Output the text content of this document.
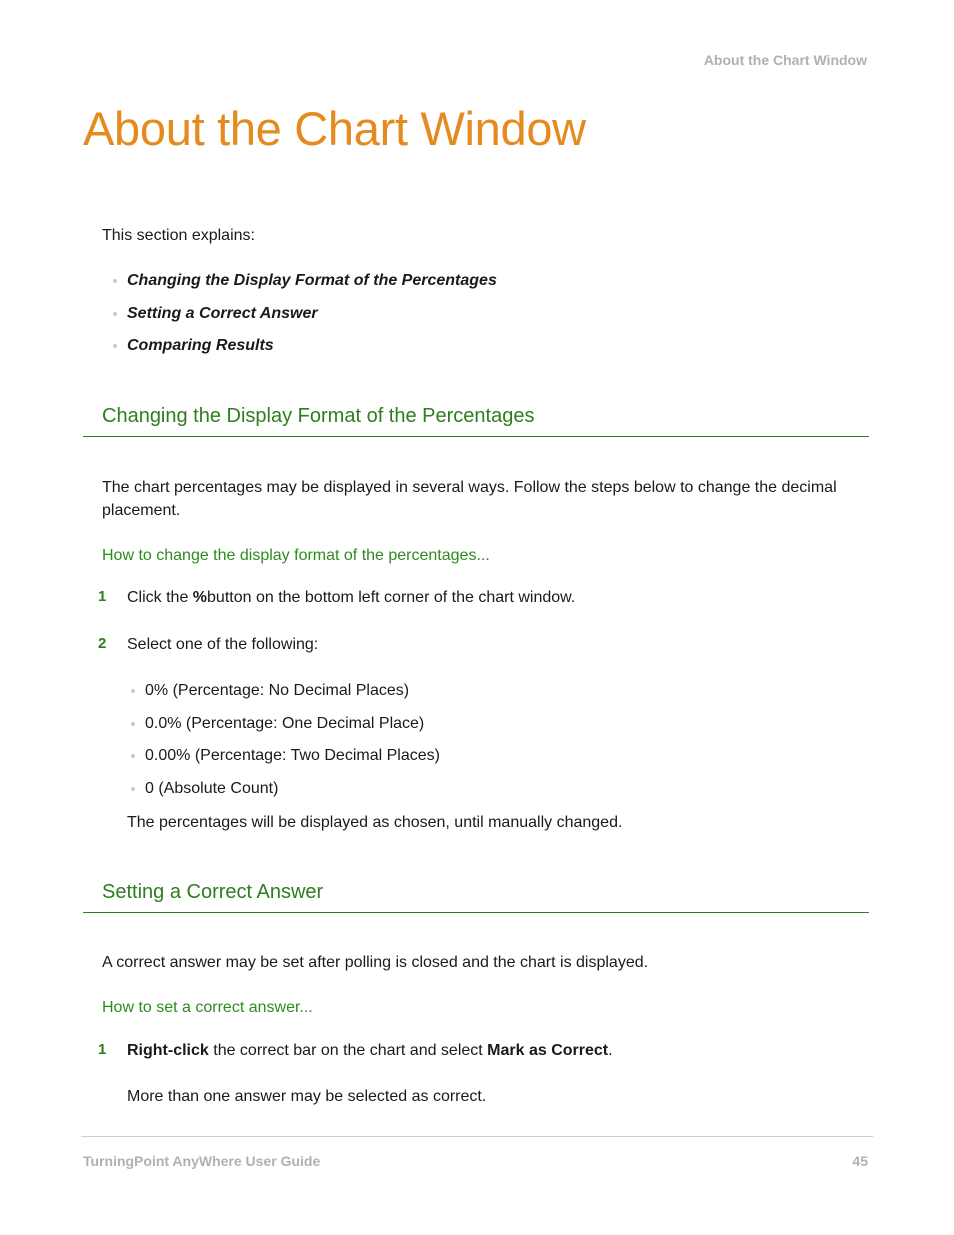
About the Chart Window
About the Chart Window
This section explains:
Changing the Display Format of the Percentages
Setting a Correct Answer
Comparing Results
Changing the Display Format of the Percentages
The chart percentages may be displayed in several ways. Follow the steps below to change the decimal
placement.
How to change the display format of the percentages...
1 Click the %button on the bottom left corner of the chart window.
2 Select one of the following:
0% (Percentage: No Decimal Places)
0.0% (Percentage: One Decimal Place)
0.00% (Percentage: Two Decimal Places)
0 (Absolute Count)
The percentages will be displayed as chosen, until manually changed.
Setting a Correct Answer
A correct answer may be set after polling is closed and the chart is displayed.
How to set a correct answer...
1 Right-click the correct bar on the chart and select Mark as Correct.
More than one answer may be selected as correct.
TurningPoint AnyWhere User Guide	45
